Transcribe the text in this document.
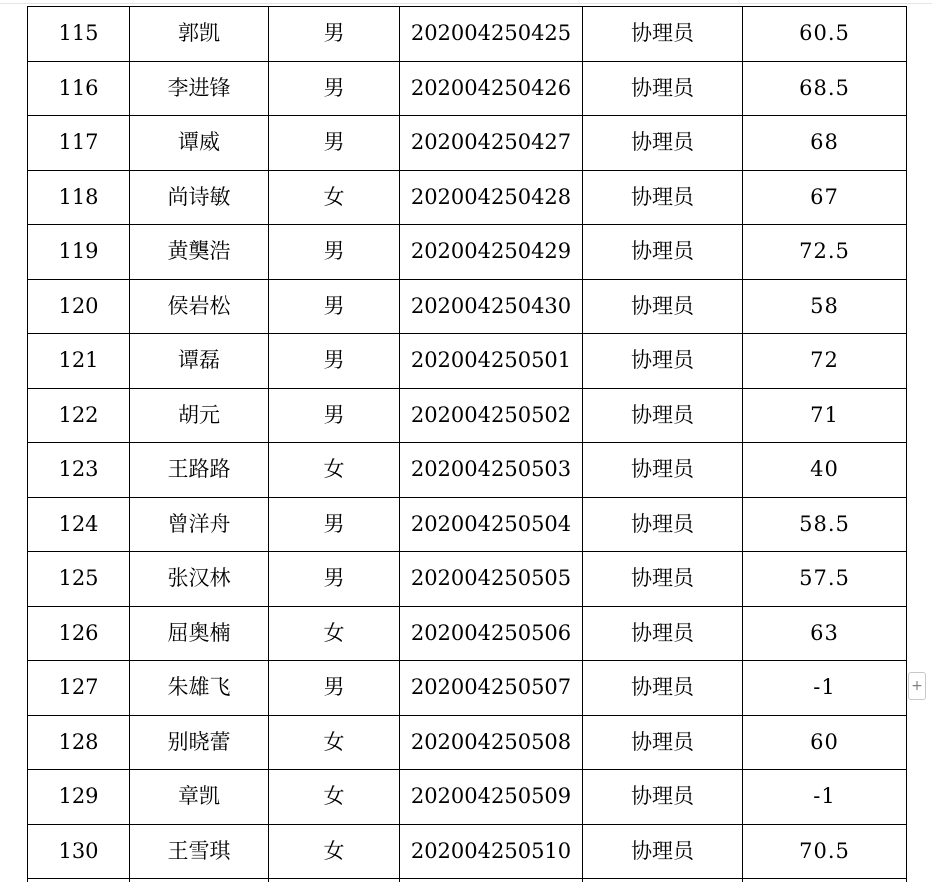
115	郭凯	男	202004250425	协理员	60.5
116	李进锋	男	202004250426	协理员	68.5
117	谭威	男	202004250427	协理员	68
118	尚诗敏	女	202004250428	协理员	67
119	黄龑浩	男	202004250429	协理员	72.5
120	侯岩松	男	202004250430	协理员	58
121	谭磊	男	202004250501	协理员	72
122	胡元	男	202004250502	协理员	71
123	王路路	女	202004250503	协理员	40
124	曾洋舟	男	202004250504	协理员	58.5
125	张汉林	男	202004250505	协理员	57.5
126	屈奥楠	女	202004250506	协理员	63
127	朱雄飞	男	202004250507	协理员	-1
128	别晓蕾	女	202004250508	协理员	60
129	章凯	女	202004250509	协理员	-1
130	王雪琪	女	202004250510	协理员	70.5

+
